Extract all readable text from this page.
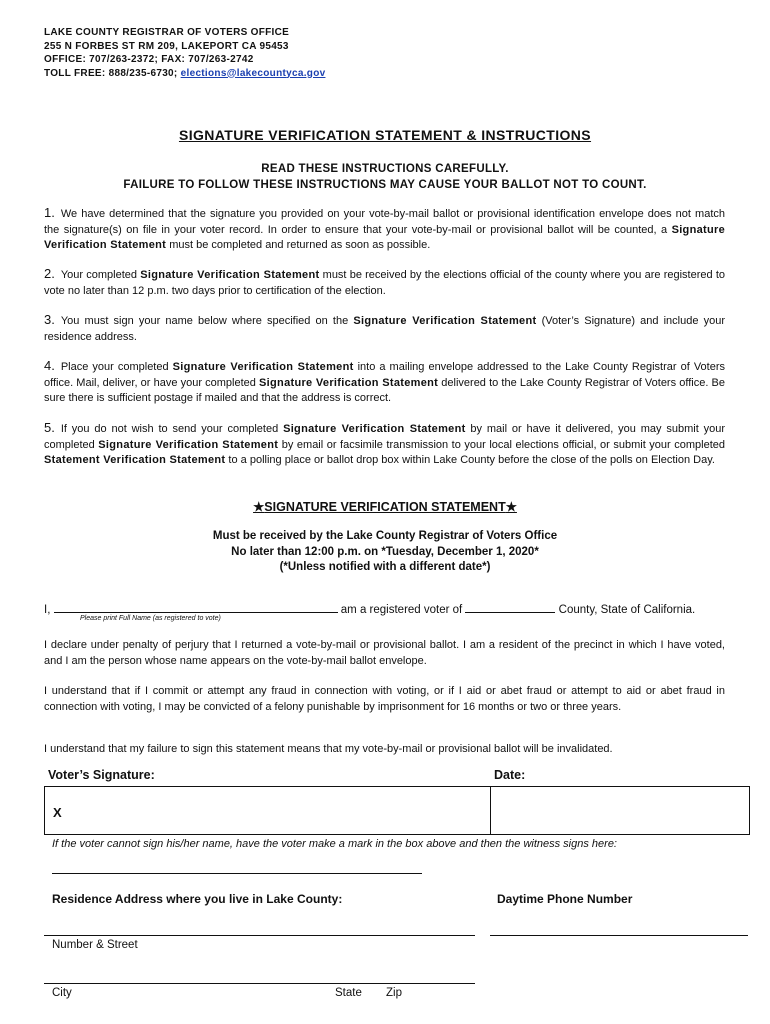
LAKE COUNTY REGISTRAR OF VOTERS OFFICE
255 N FORBES ST RM 209, LAKEPORT CA 95453
OFFICE: 707/263-2372; FAX: 707/263-2742
TOLL FREE: 888/235-6730; elections@lakecountyca.gov
SIGNATURE VERIFICATION STATEMENT & INSTRUCTIONS
READ THESE INSTRUCTIONS CAREFULLY.
FAILURE TO FOLLOW THESE INSTRUCTIONS MAY CAUSE YOUR BALLOT NOT TO COUNT.
1. We have determined that the signature you provided on your vote-by-mail ballot or provisional identification envelope does not match the signature(s) on file in your voter record. In order to ensure that your vote-by-mail or provisional ballot will be counted, a Signature Verification Statement must be completed and returned as soon as possible.
2. Your completed Signature Verification Statement must be received by the elections official of the county where you are registered to vote no later than 12 p.m. two days prior to certification of the election.
3. You must sign your name below where specified on the Signature Verification Statement (Voter’s Signature) and include your residence address.
4. Place your completed Signature Verification Statement into a mailing envelope addressed to the Lake County Registrar of Voters office. Mail, deliver, or have your completed Signature Verification Statement delivered to the Lake County Registrar of Voters office. Be sure there is sufficient postage if mailed and that the address is correct.
5. If you do not wish to send your completed Signature Verification Statement by mail or have it delivered, you may submit your completed Signature Verification Statement by email or facsimile transmission to your local elections official, or submit your completed Statement Verification Statement to a polling place or ballot drop box within Lake County before the close of the polls on Election Day.
★SIGNATURE VERIFICATION STATEMENT★
Must be received by the Lake County Registrar of Voters Office
No later than 12:00 p.m. on *Tuesday, December 1, 2020*
(*Unless notified with a different date*)
I,	am a registered voter of	County, State of California.
Please print Full Name (as registered to vote)
I declare under penalty of perjury that I returned a vote-by-mail or provisional ballot. I am a resident of the precinct in which I have voted, and I am the person whose name appears on the vote-by-mail ballot envelope.
I understand that if I commit or attempt any fraud in connection with voting, or if I aid or abet fraud or attempt to aid or abet fraud in connection with voting, I may be convicted of a felony punishable by imprisonment for 16 months or two or three years.
I understand that my failure to sign this statement means that my vote-by-mail or provisional ballot will be invalidated.
Voter’s Signature:	Date:
X
If the voter cannot sign his/her name, have the voter make a mark in the box above and then the witness signs here:
Residence Address where you live in Lake County:	Daytime Phone Number
Number & Street
City	State Zip
